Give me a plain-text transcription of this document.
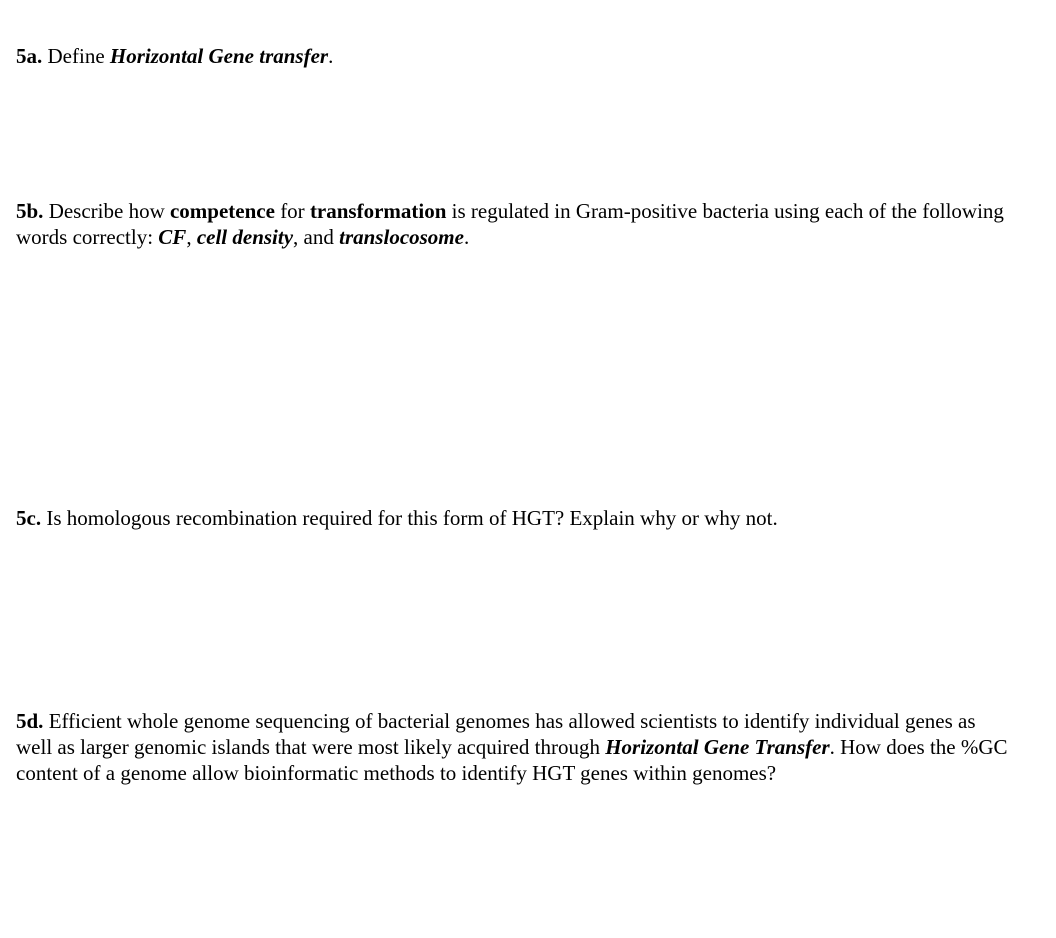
5a. Define Horizontal Gene transfer.

5b. Describe how competence for transformation is regulated in Gram-positive bacteria using each of the following words correctly: CF, cell density, and translocosome.

5c. Is homologous recombination required for this form of HGT? Explain why or why not.

5d. Efficient whole genome sequencing of bacterial genomes has allowed scientists to identify individual genes as well as larger genomic islands that were most likely acquired through Horizontal Gene Transfer. How does the %GC content of a genome allow bioinformatic methods to identify HGT genes within genomes?
